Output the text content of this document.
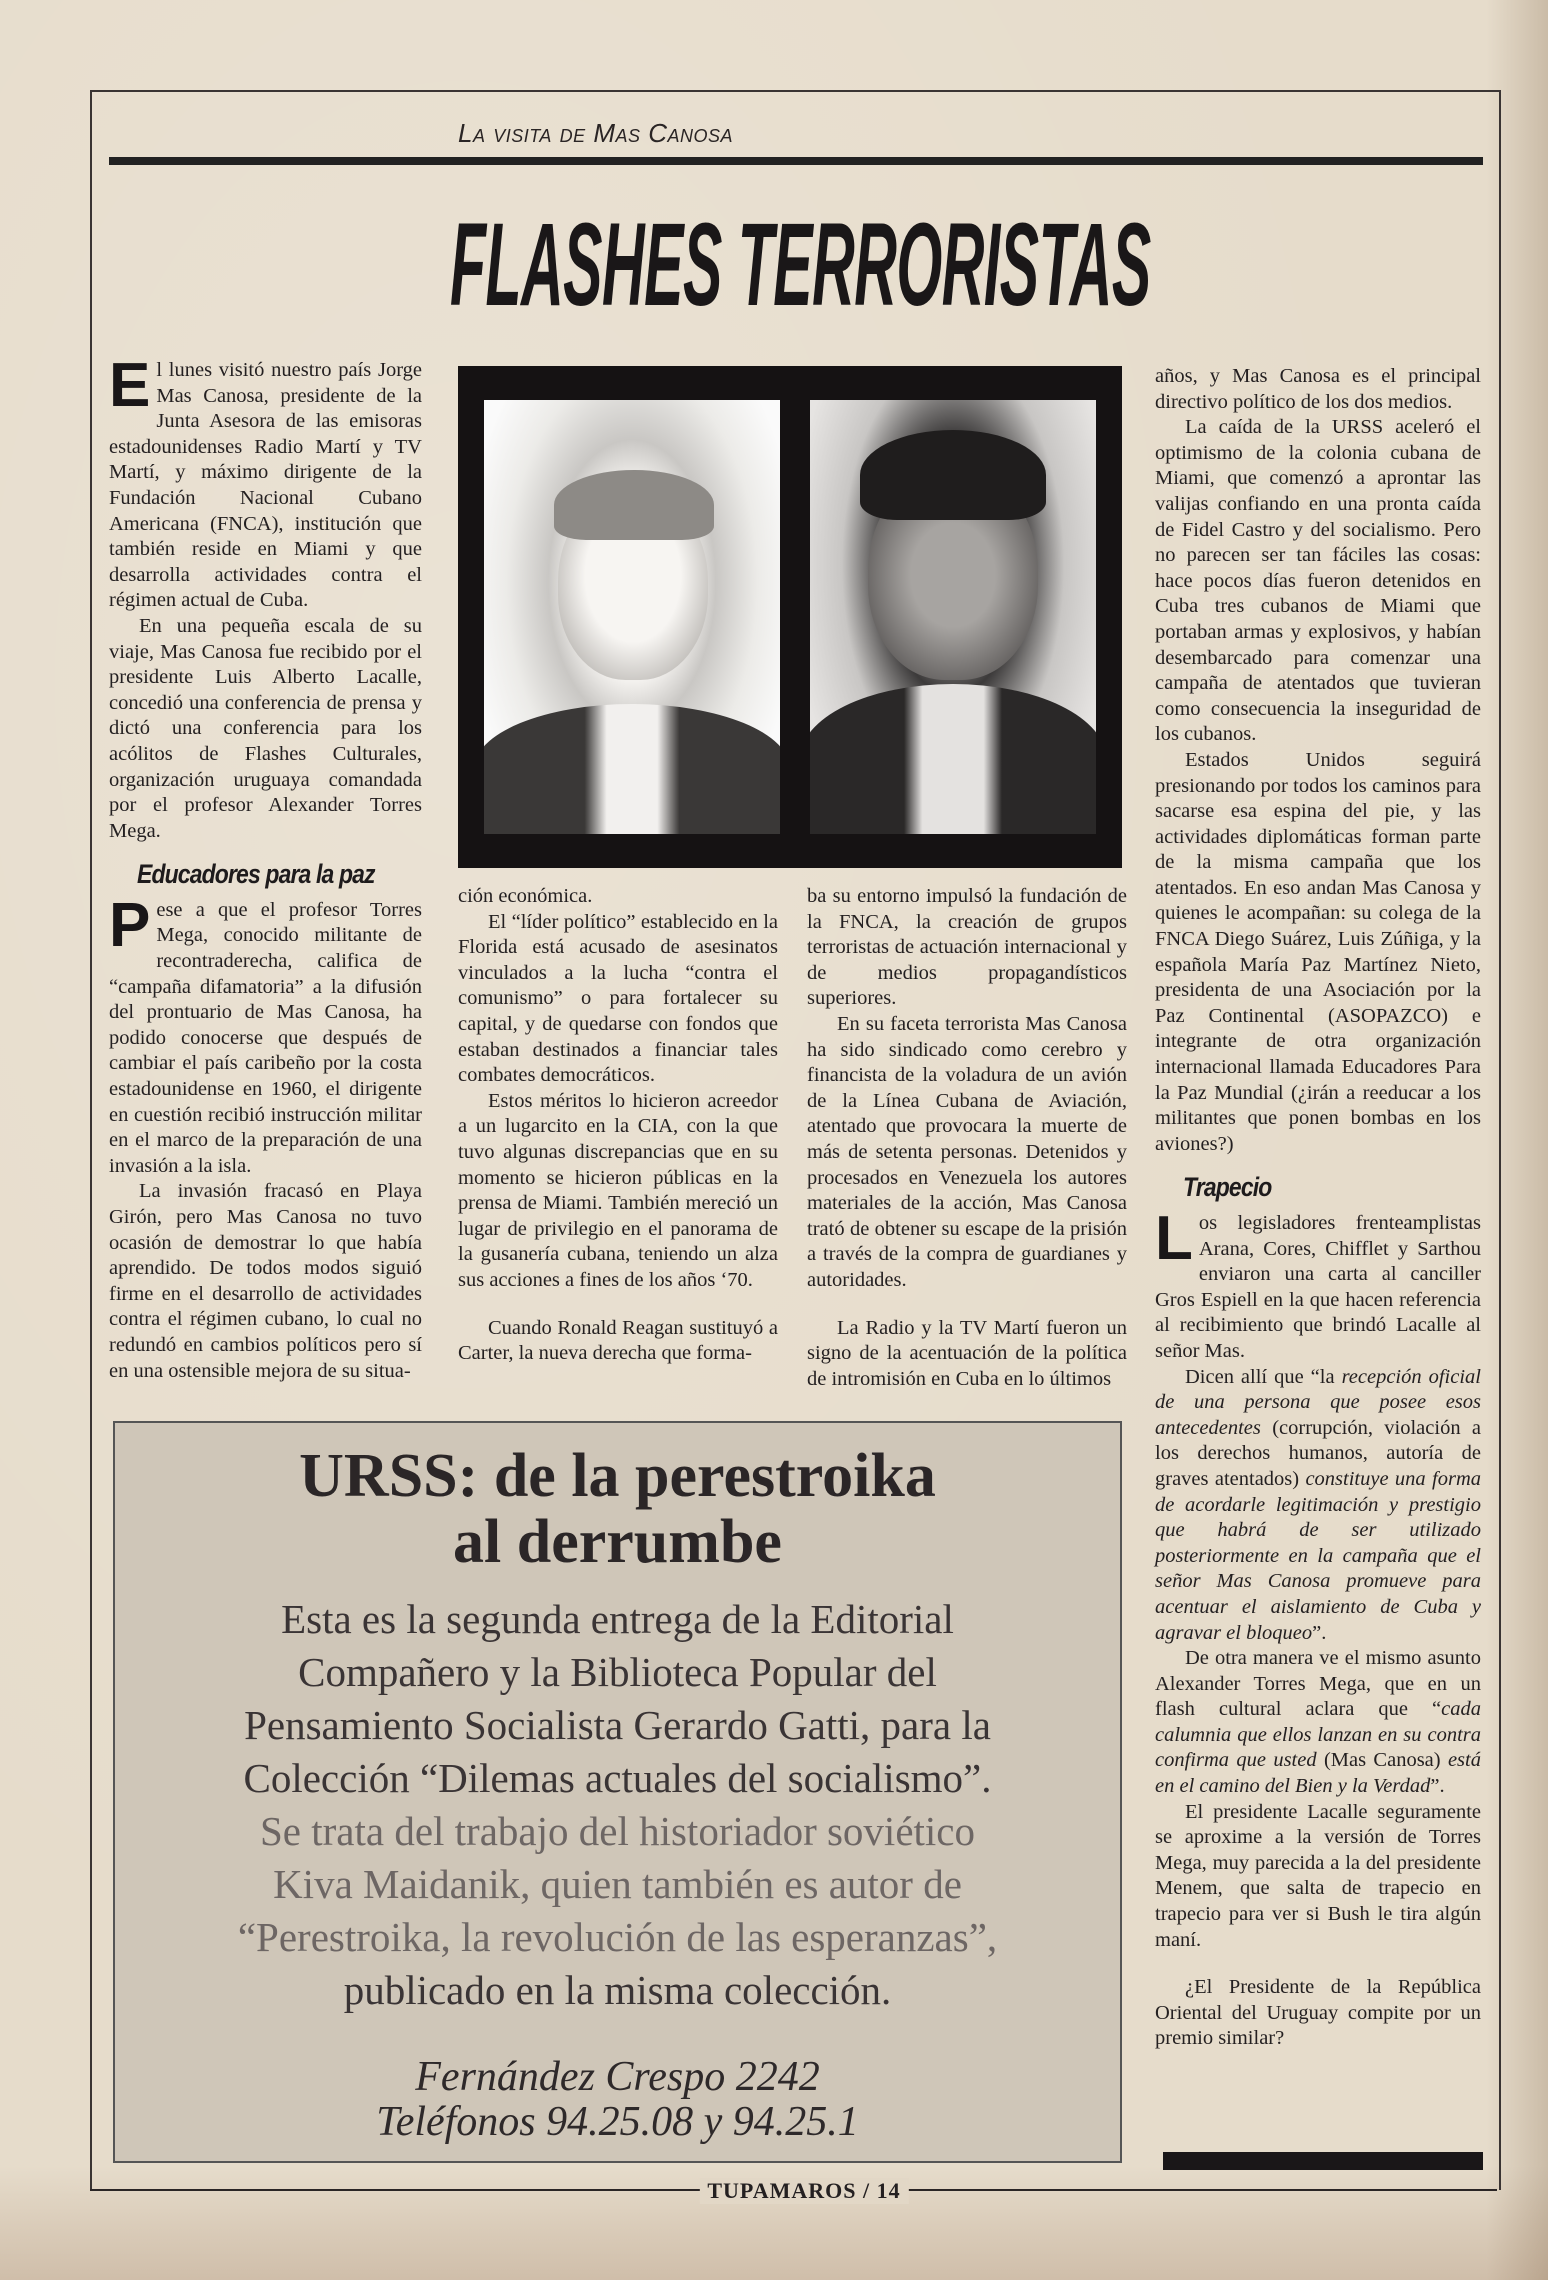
La visita de Mas Canosa
FLASHES TERRORISTAS

El lunes visitó nuestro país Jorge Mas Canosa, presidente de la Junta Asesora de las emisoras estadounidenses Radio Martí y TV Martí, y máximo dirigente de la Fundación Nacional Cubano Americana (FNCA), institución que también reside en Miami y que desarrolla actividades contra el régimen actual de Cuba.

En una pequeña escala de su viaje, Mas Canosa fue recibido por el presidente Luis Alberto Lacalle, concedió una conferencia de prensa y dictó una conferencia para los acólitos de Flashes Culturales, organización uruguaya comandada por el profesor Alexander Torres Mega.

Educadores para la paz

Pese a que el profesor Torres Mega, conocido militante de recontraderecha, califica de “campaña difamatoria” a la difusión del prontuario de Mas Canosa, ha podido conocerse que después de cambiar el país caribeño por la costa estadounidense en 1960, el dirigente en cuestión recibió instrucción militar en el marco de la preparación de una invasión a la isla.

La invasión fracasó en Playa Girón, pero Mas Canosa no tuvo ocasión de demostrar lo que había aprendido. De todos modos siguió firme en el desarrollo de actividades contra el régimen cubano, lo cual no redundó en cambios políticos pero sí en una ostensible mejora de su situa-

ción económica.

El “líder político” establecido en la Florida está acusado de asesinatos vinculados a la lucha “contra el comunismo” o para fortalecer su capital, y de quedarse con fondos que estaban destinados a financiar tales combates democráticos.

Estos méritos lo hicieron acreedor a un lugarcito en la CIA, con la que tuvo algunas discrepancias que en su momento se hicieron públicas en la prensa de Miami. También mereció un lugar de privilegio en el panorama de la gusanería cubana, teniendo un alza sus acciones a fines de los años ‘70.

Cuando Ronald Reagan sustituyó a Carter, la nueva derecha que forma-

ba su entorno impulsó la fundación de la FNCA, la creación de grupos terroristas de actuación internacional y de medios propagandísticos superiores.

En su faceta terrorista Mas Canosa ha sido sindicado como cerebro y financista de la voladura de un avión de la Línea Cubana de Aviación, atentado que provocara la muerte de más de setenta personas. Detenidos y procesados en Venezuela los autores materiales de la acción, Mas Canosa trató de obtener su escape de la prisión a través de la compra de guardianes y autoridades.

La Radio y la TV Martí fueron un signo de la acentuación de la política de intromisión en Cuba en lo últimos

años, y Mas Canosa es el principal directivo político de los dos medios.

La caída de la URSS aceleró el optimismo de la colonia cubana de Miami, que comenzó a aprontar las valijas confiando en una pronta caída de Fidel Castro y del socialismo. Pero no parecen ser tan fáciles las cosas: hace pocos días fueron detenidos en Cuba tres cubanos de Miami que portaban armas y explosivos, y habían desembarcado para comenzar una campaña de atentados que tuvieran como consecuencia la inseguridad de los cubanos.

Estados Unidos seguirá presionando por todos los caminos para sacarse esa espina del pie, y las actividades diplomáticas forman parte de la misma campaña que los atentados. En eso andan Mas Canosa y quienes le acompañan: su colega de la FNCA Diego Suárez, Luis Zúñiga, y la española María Paz Martínez Nieto, presidenta de una Asociación por la Paz Continental (ASOPAZCO) e integrante de otra organización internacional llamada Educadores Para la Paz Mundial (¿irán a reeducar a los militantes que ponen bombas en los aviones?)

Trapecio

Los legisladores frenteamplistas Arana, Cores, Chifflet y Sarthou enviaron una carta al canciller Gros Espiell en la que hacen referencia al recibimiento que brindó Lacalle al señor Mas.

Dicen allí que “la recepción oficial de una persona que posee esos antecedentes (corrupción, violación a los derechos humanos, autoría de graves atentados) constituye una forma de acordarle legitimación y prestigio que habrá de ser utilizado posteriormente en la campaña que el señor Mas Canosa promueve para acentuar el aislamiento de Cuba y agravar el bloqueo”.

De otra manera ve el mismo asunto Alexander Torres Mega, que en un flash cultural aclara que “cada calumnia que ellos lanzan en su contra confirma que usted (Mas Canosa) está en el camino del Bien y la Verdad”.

El presidente Lacalle seguramente se aproxime a la versión de Torres Mega, muy parecida a la del presidente Menem, que salta de trapecio en trapecio para ver si Bush le tira algún maní.

¿El Presidente de la República Oriental del Uruguay compite por un premio similar?

URSS: de la perestroika
al derrumbe
Esta es la segunda entrega de la Editorial
Compañero y la Biblioteca Popular del
Pensamiento Socialista Gerardo Gatti, para la
Colección “Dilemas actuales del socialismo”.
Se trata del trabajo del historiador soviético
Kiva Maidanik, quien también es autor de
“Perestroika, la revolución de las esperanzas”,
publicado en la misma colección.
Fernández Crespo 2242
Teléfonos 94.25.08 y 94.25.1
TUPAMAROS / 14
